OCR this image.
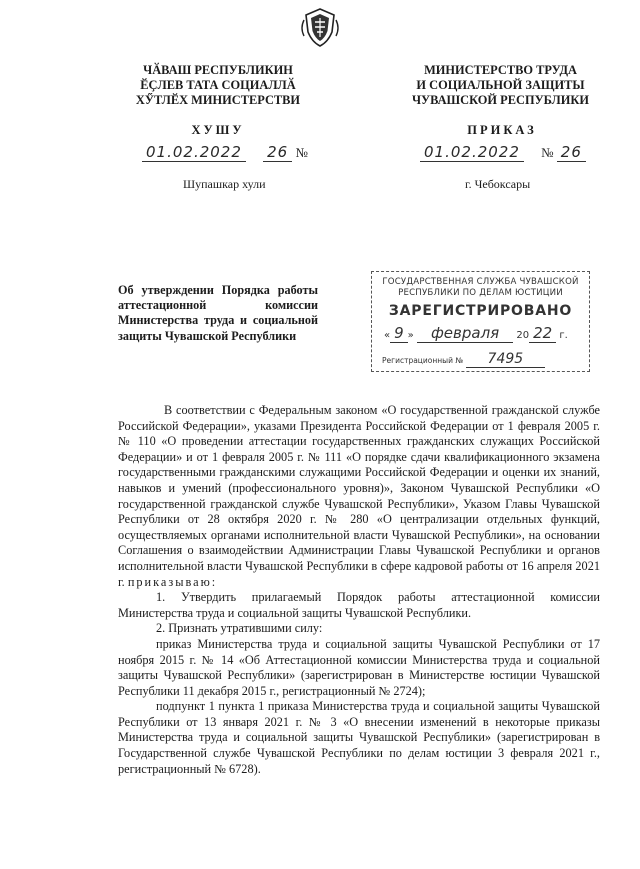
ЧӐВАШ РЕСПУБЛИКИН
ӖҪЛЕВ ТАТА СОЦИАЛЛӐ
ХӲТЛӖХ МИНИСТЕРСТВИ
МИНИСТЕРСТВО ТРУДА
И СОЦИАЛЬНОЙ ЗАЩИТЫ
ЧУВАШСКОЙ РЕСПУБЛИКИ
ХУШУ	ПРИКАЗ
01.02.2022 26 №	01.02.2022 № 26
Шупашкар хули	г. Чебоксары
Об утверждении Порядка работы аттестационной комиссии Министерства труда и социальной защиты Чувашской Республики
ГОСУДАРСТВЕННАЯ СЛУЖБА ЧУВАШСКОЙ
РЕСПУБЛИКИ ПО ДЕЛАМ ЮСТИЦИИ
ЗАРЕГИСТРИРОВАНО
« 9 » февраля 20 22 г.
Регистрационный № 7495

В соответствии с Федеральным законом «О государственной гражданской службе Российской Федерации», указами Президента Российской Федерации от 1 февраля 2005 г. № 110 «О проведении аттестации государственных гражданских служащих Российской Федерации» и от 1 февраля 2005 г. № 111 «О порядке сдачи квалификационного экзамена государственными гражданскими служащими Российской Федерации и оценки их знаний, навыков и умений (профессионального уровня)», Законом Чувашской Республики «О государственной гражданской службе Чувашской Республики», Указом Главы Чувашской Республики от 28 октября 2020 г. № 280 «О централизации отдельных функций, осуществляемых органами исполнительной власти Чувашской Республики», на основании Соглашения о взаимодействии Администрации Главы Чувашской Республики и органов исполнительной власти Чувашской Республики в сфере кадровой работы от 16 апреля 2021 г. приказываю:

1. Утвердить прилагаемый Порядок работы аттестационной комиссии Министерства труда и социальной защиты Чувашской Республики.

2. Признать утратившими силу:

приказ Министерства труда и социальной защиты Чувашской Республики от 17 ноября 2015 г. № 14 «Об Аттестационной комиссии Министерства труда и социальной защиты Чувашской Республики» (зарегистрирован в Министерстве юстиции Чувашской Республики 11 декабря 2015 г., регистрационный № 2724);

подпункт 1 пункта 1 приказа Министерства труда и социальной защиты Чувашской Республики от 13 января 2021 г. № 3 «О внесении изменений в некоторые приказы Министерства труда и социальной защиты Чувашской Республики» (зарегистрирован в Государственной службе Чувашской Республики по делам юстиции 3 февраля 2021 г., регистрационный № 6728).
